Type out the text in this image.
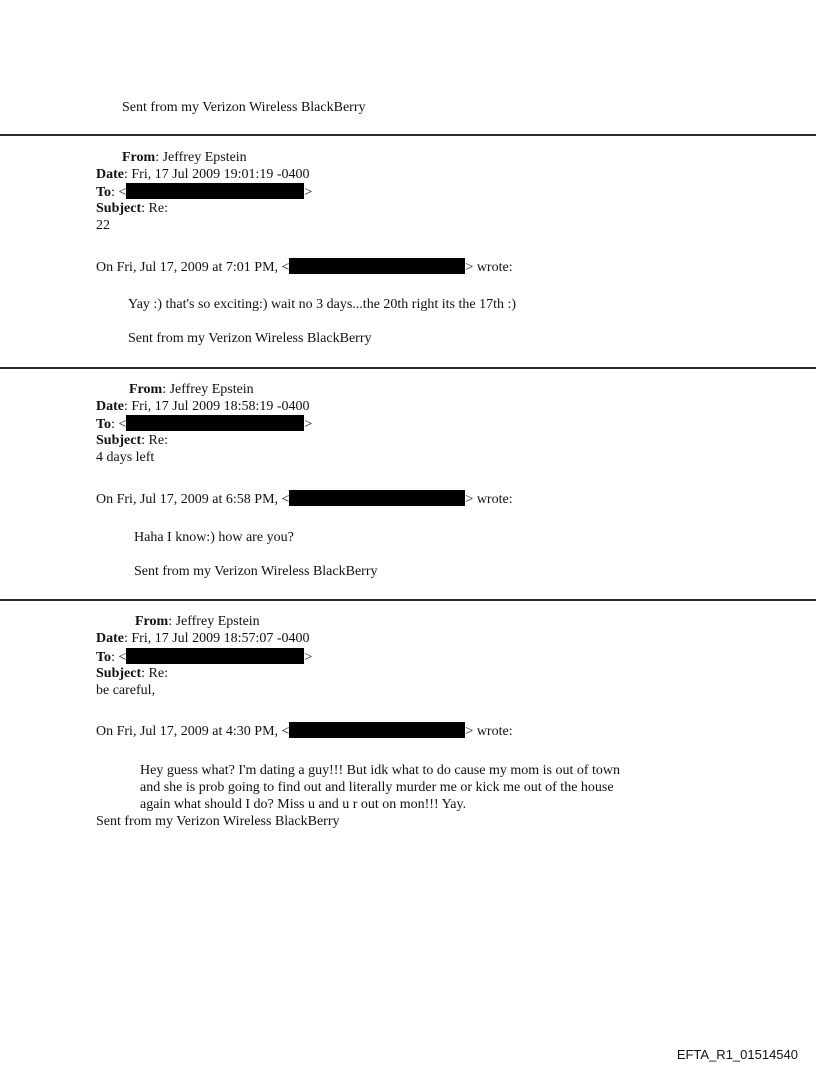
Sent from my Verizon Wireless BlackBerry
From: Jeffrey Epstein
Date: Fri, 17 Jul 2009 19:01:19 -0400
To: <	>
Subject: Re:
22
On Fri, Jul 17, 2009 at 7:01 PM, <	> wrote:
Yay :) that's so exciting:) wait no 3 days...the 20th right its the 17th :)
Sent from my Verizon Wireless BlackBerry
From: Jeffrey Epstein
Date: Fri, 17 Jul 2009 18:58:19 -0400
To: <	>
Subject: Re:
4 days left
On Fri, Jul 17, 2009 at 6:58 PM, <	> wrote:
Haha I know:) how are you?
Sent from my Verizon Wireless BlackBerry
From: Jeffrey Epstein
Date: Fri, 17 Jul 2009 18:57:07 -0400
To: <	>
Subject: Re:
be careful,
On Fri, Jul 17, 2009 at 4:30 PM, <	> wrote:
Hey guess what? I'm dating a guy!!! But idk what to do cause my mom is out of town
and she is prob going to find out and literally murder me or kick me out of the house
again what should I do? Miss u and u r out on mon!!! Yay.
Sent from my Verizon Wireless BlackBerry
EFTA_R1_01514540
